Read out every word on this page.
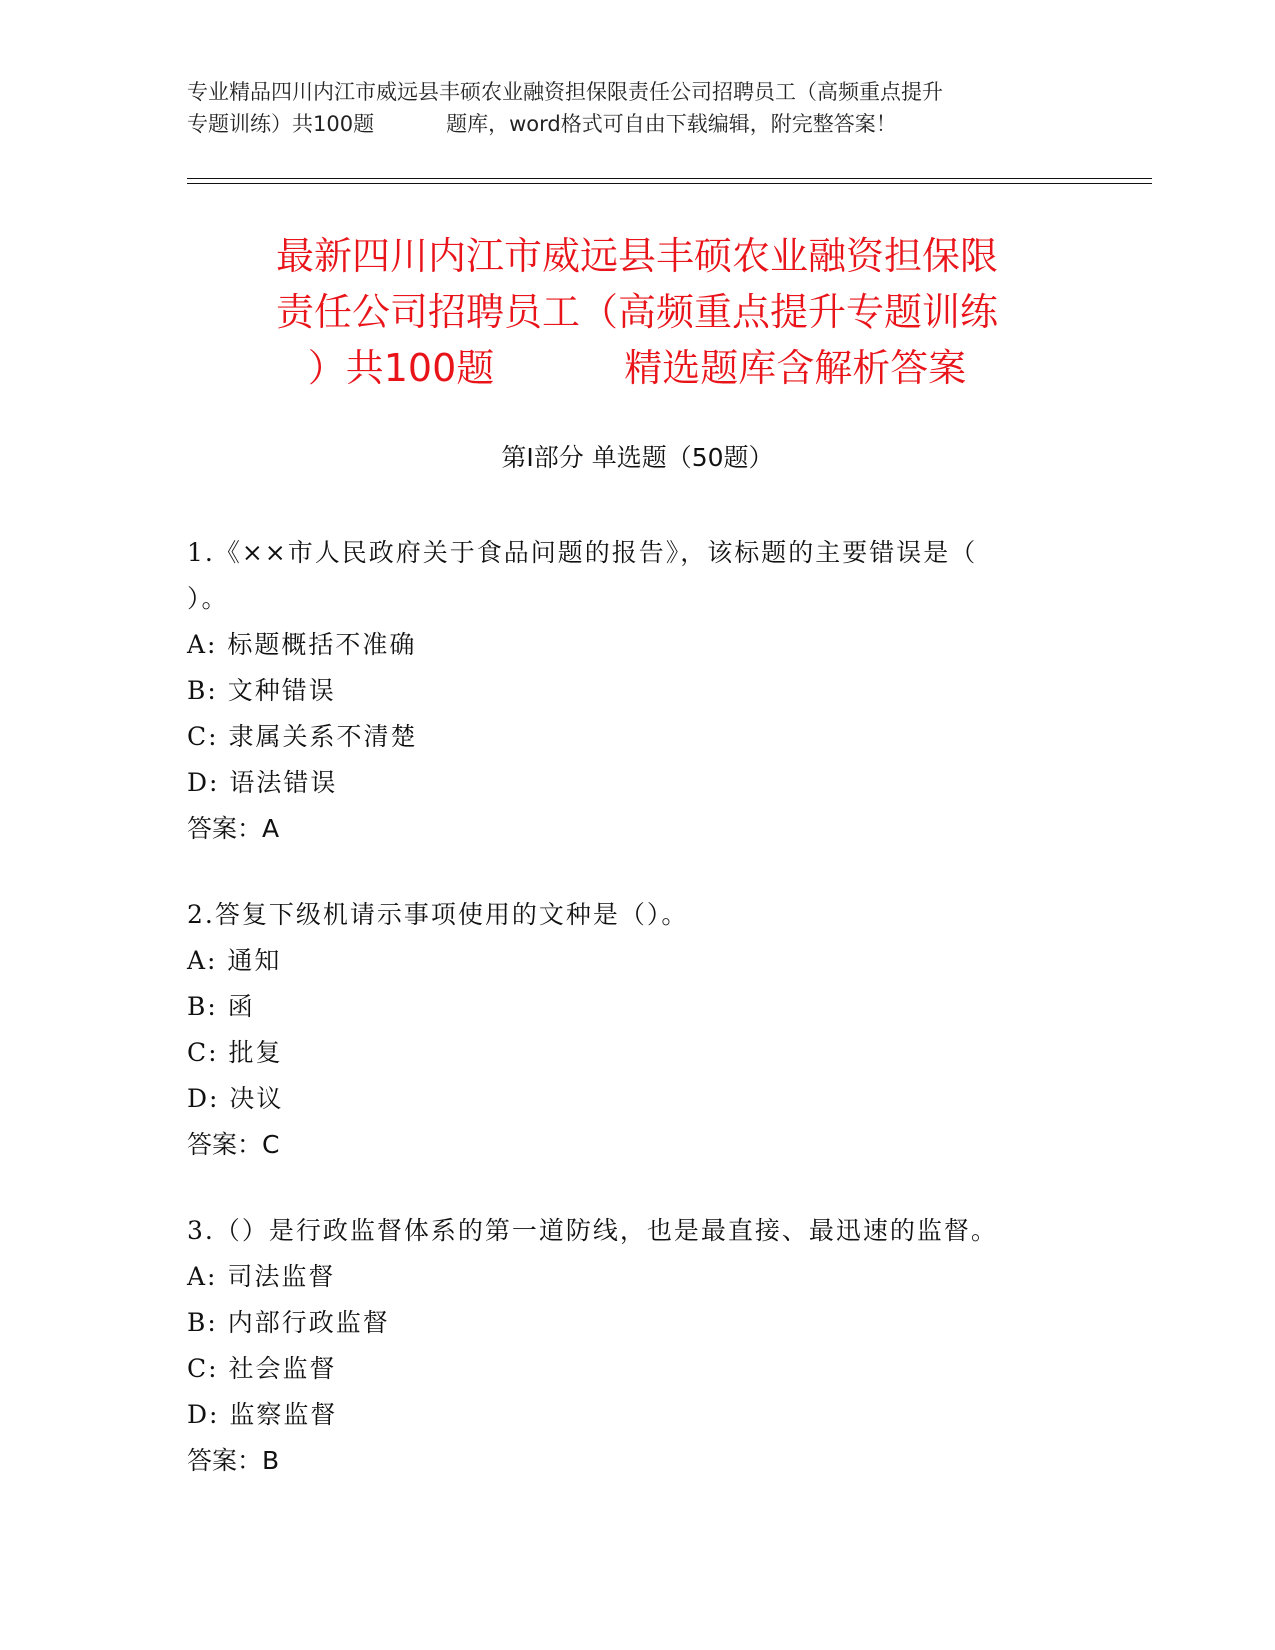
专业精品四川内江市威远县丰硕农业融资担保限责任公司招聘员工（高频重点提升
专题训练）共100题	题库，word格式可自由下载编辑，附完整答案！
最新四川内江市威远县丰硕农业融资担保限
责任公司招聘员工（高频重点提升专题训练
）共100题	精选题库含解析答案
第Ⅰ部分 单选题（50题）
1.《××市人民政府关于食品问题的报告》，该标题的主要错误是（
）。
A: 标题概括不准确
B: 文种错误
C: 隶属关系不清楚
D: 语法错误
答案：A
2.答复下级机请示事项使用的文种是（）。
A: 通知
B: 函
C: 批复
D: 决议
答案：C
3.（）是行政监督体系的第一道防线，也是最直接、最迅速的监督。
A: 司法监督
B: 内部行政监督
C: 社会监督
D: 监察监督
答案：B
